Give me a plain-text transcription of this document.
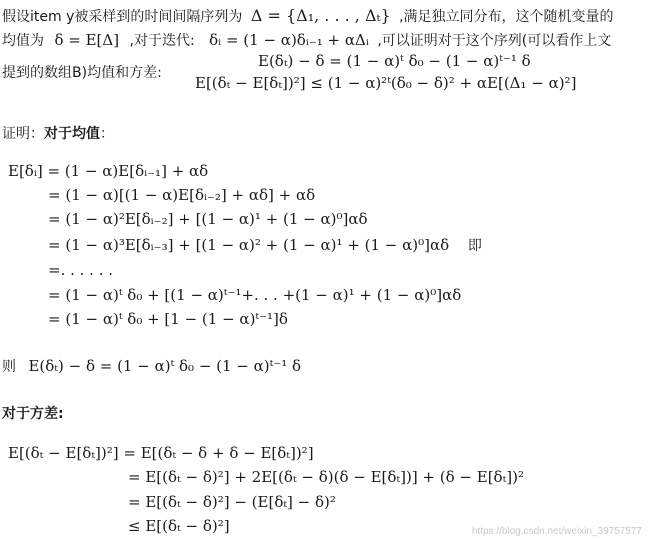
假设item y被采样到的时间间隔序列为 Δ = {Δ₁, . . . , Δₜ} ,满足独立同分布，这个随机变量的
均值为 δ = E[Δ] ,对于迭代: δᵢ = (1 − α)δᵢ₋₁ + αΔᵢ ,可以证明对于这个序列(可以看作上文
E(δₜ) − δ = (1 − α)ᵗ δ₀ − (1 − α)ᵗ⁻¹ δ
提到的数组B)均值和方差:
E[(δₜ − E[δₜ])²] ≤ (1 − α)²ᵗ(δ₀ − δ)² + αE[(Δ₁ − α)²]
证明：对于均值：
E[δᵢ] = (1 − α)E[δᵢ₋₁] + αδ
= (1 − α)[(1 − α)E[δᵢ₋₂] + αδ] + αδ
= (1 − α)²E[δᵢ₋₂] + [(1 − α)¹ + (1 − α)⁰]αδ
= (1 − α)³E[δᵢ₋₃] + [(1 − α)² + (1 − α)¹ + (1 − α)⁰]αδ 即
=. . . . . .
= (1 − α)ᵗ δ₀ + [(1 − α)ᵗ⁻¹+. . . +(1 − α)¹ + (1 − α)⁰]αδ
= (1 − α)ᵗ δ₀ + [1 − (1 − α)ᵗ⁻¹]δ
则 E(δₜ) − δ = (1 − α)ᵗ δ₀ − (1 − α)ᵗ⁻¹ δ
对于方差:
E[(δₜ − E[δₜ])²] = E[(δₜ − δ + δ − E[δₜ])²]
= E[(δₜ − δ)²] + 2E[(δₜ − δ)(δ − E[δₜ])] + (δ − E[δₜ])²
= E[(δₜ − δ)²] − (E[δₜ] − δ)²
≤ E[(δₜ − δ)²]	https://blog.csdn.net/weixin_39757577
